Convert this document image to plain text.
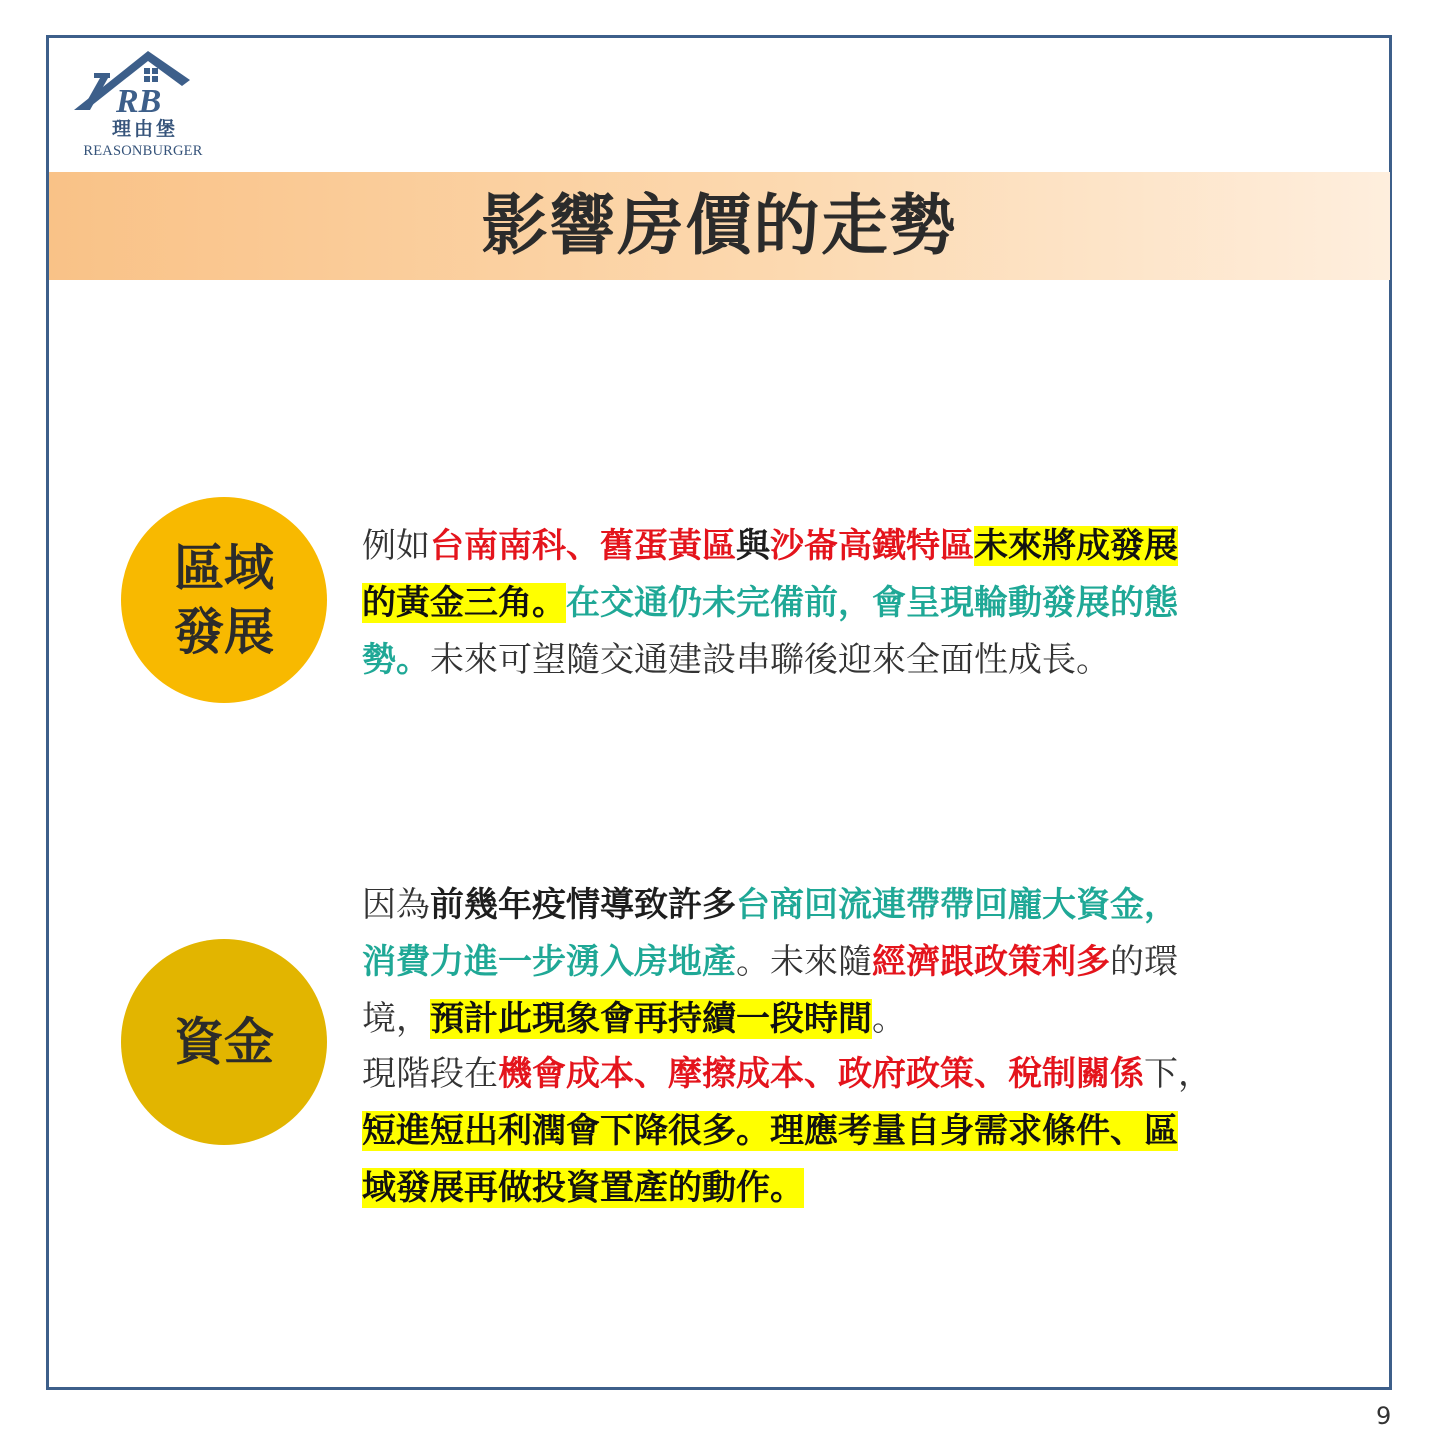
RB
理由堡
REASONBURGER
影響房價的走勢
區域
發展
例如台南南科、舊蛋黃區與沙崙高鐵特區未來將成發展
的黃金三角。在交通仍未完備前，會呈現輪動發展的態
勢。未來可望隨交通建設串聯後迎來全面性成長。
資金
因為前幾年疫情導致許多台商回流連帶帶回龐大資金，
消費力進一步湧入房地產。未來隨經濟跟政策利多的環
境，預計此現象會再持續一段時間。
現階段在機會成本、摩擦成本、政府政策、稅制關係下，
短進短出利潤會下降很多。理應考量自身需求條件、區
域發展再做投資置產的動作。
9
